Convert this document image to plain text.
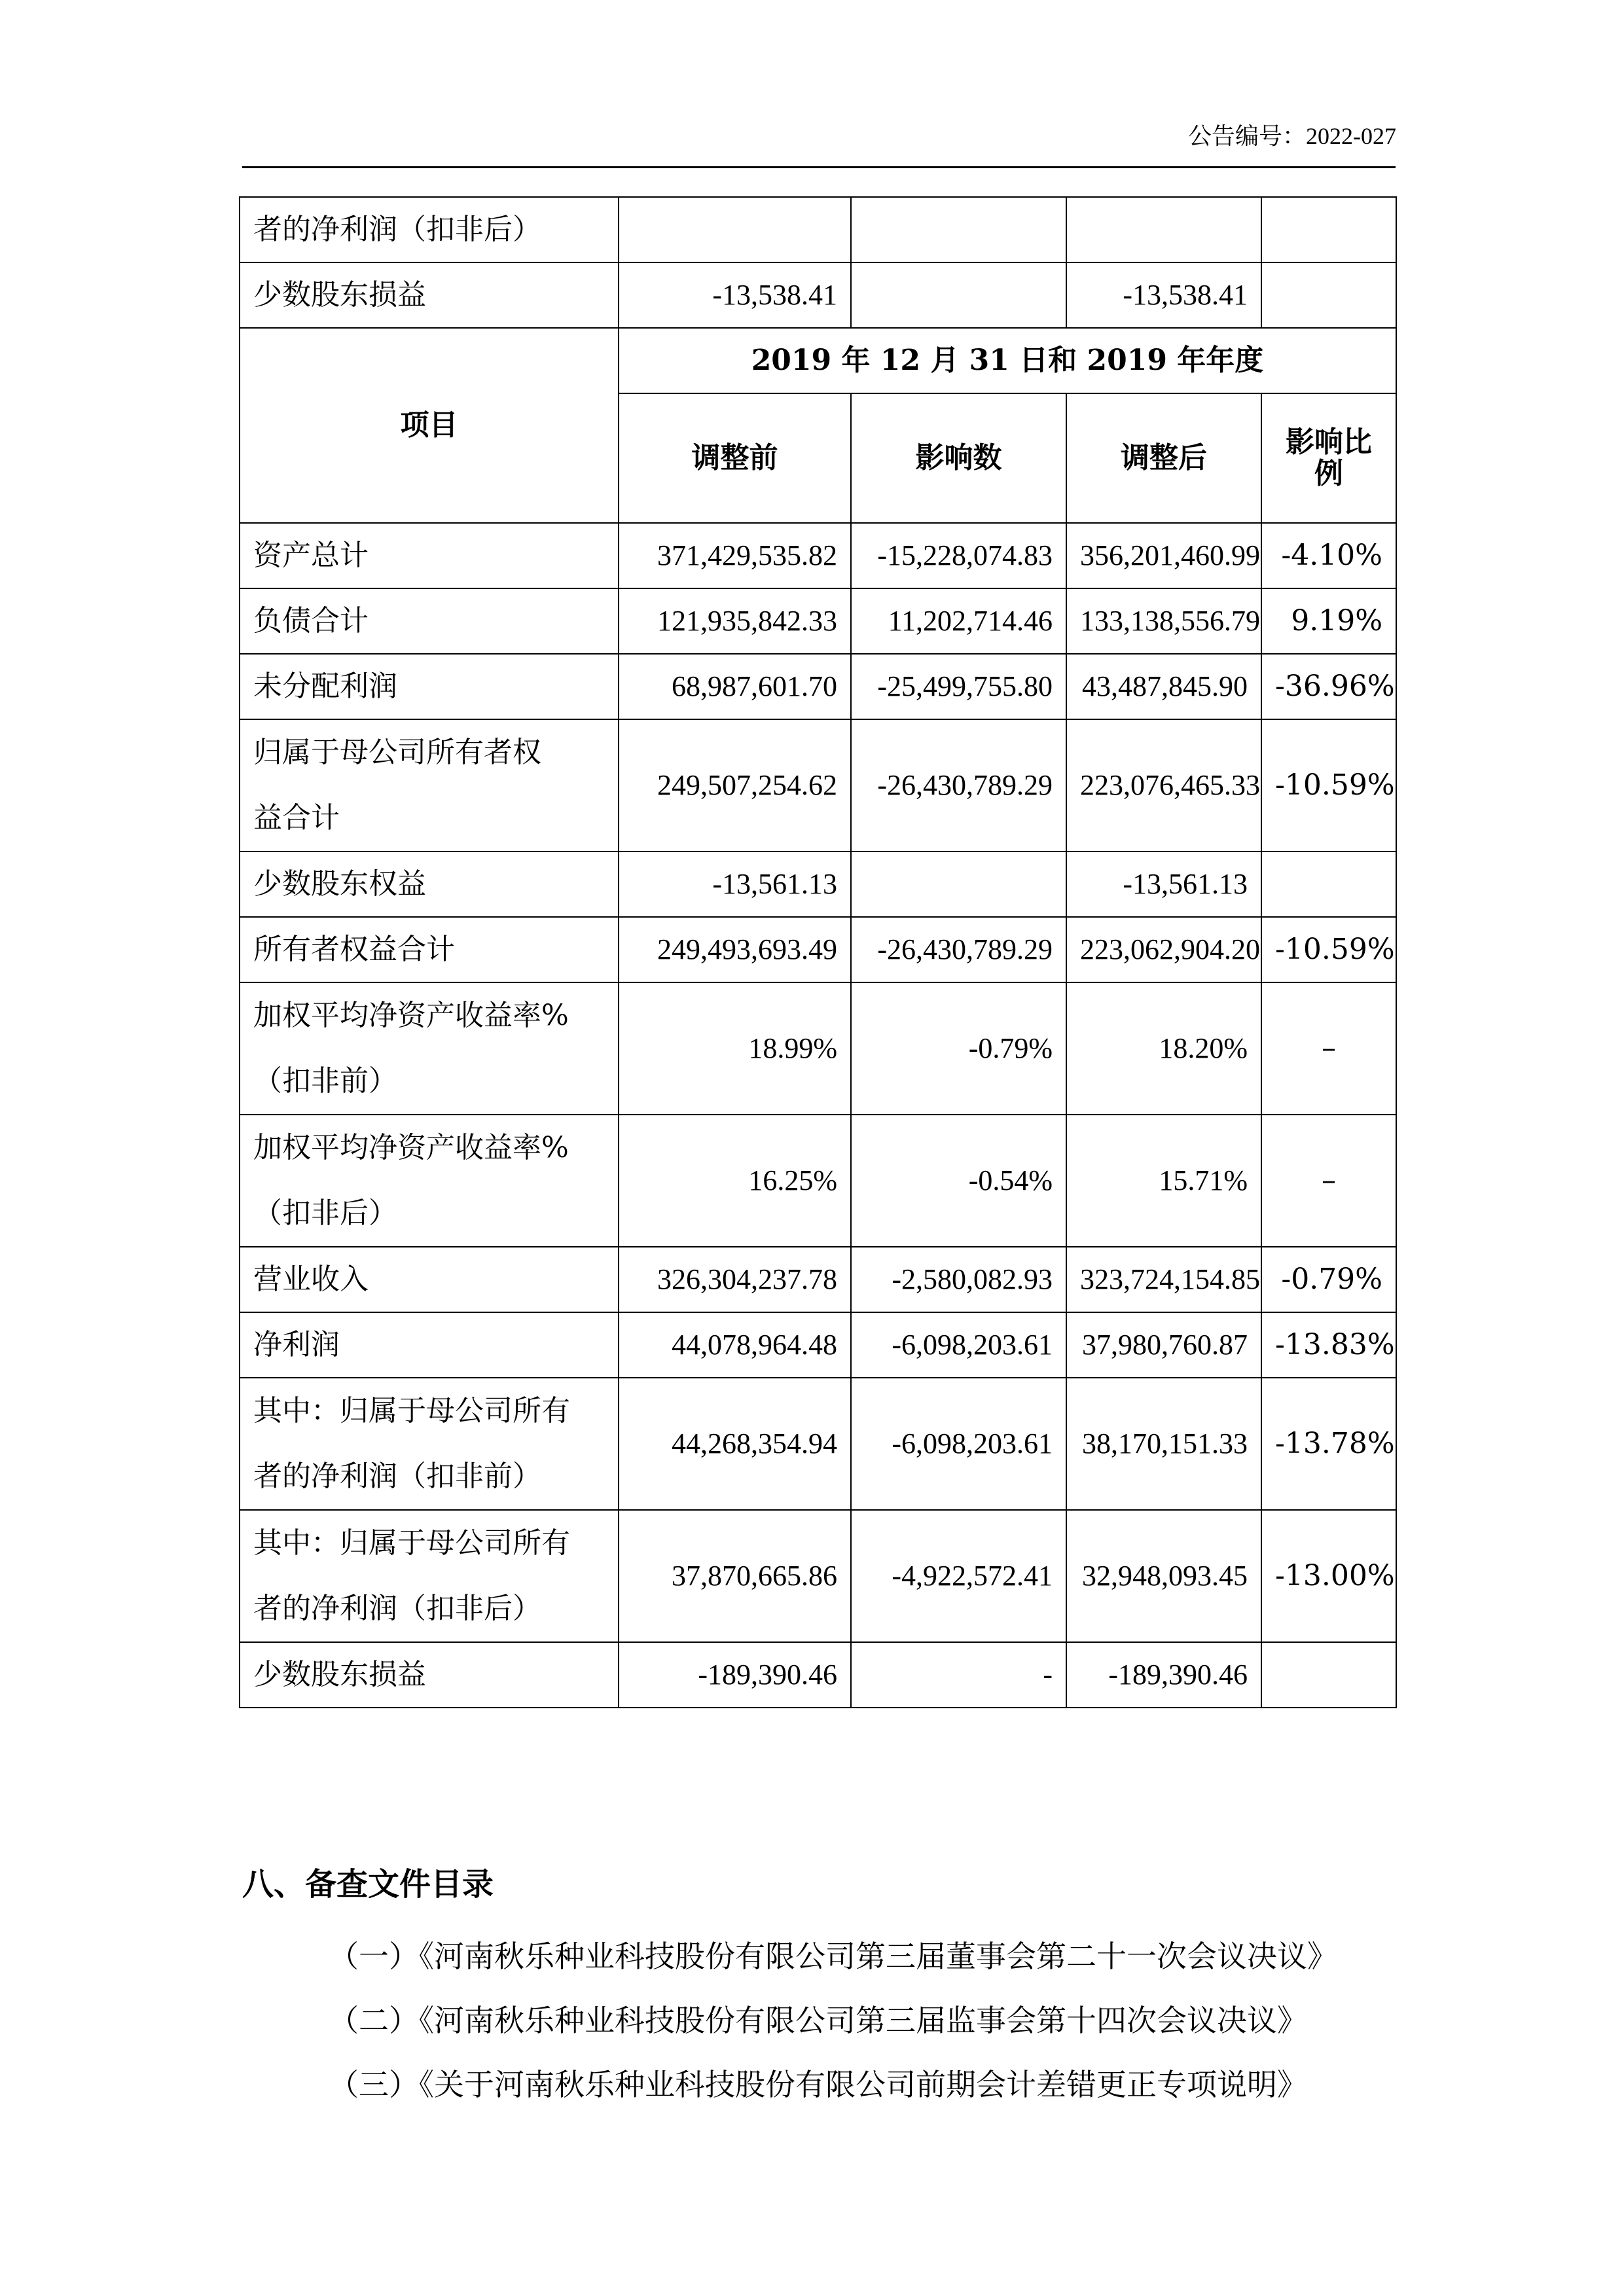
公告编号：2022-027
者的净利润（扣非后）				
少数股东损益	-13,538.41		-13,538.41	
项目	2019 年 12 月 31 日和 2019 年年度			
	调整前	影响数	调整后	影响比
例
资产总计	371,429,535.82	-15,228,074.83	356,201,460.99	-4.10%
负债合计	121,935,842.33	11,202,714.46	133,138,556.79	9.19%
未分配利润	68,987,601.70	-25,499,755.80	43,487,845.90	-36.96%
归属于母公司所有者权
益合计	249,507,254.62	-26,430,789.29	223,076,465.33	-10.59%
少数股东权益	-13,561.13		-13,561.13	
所有者权益合计	249,493,693.49	-26,430,789.29	223,062,904.20	-10.59%
加权平均净资产收益率%
（扣非前）	18.99%	-0.79%	18.20%	–
加权平均净资产收益率%
（扣非后）	16.25%	-0.54%	15.71%	–
营业收入	326,304,237.78	-2,580,082.93	323,724,154.85	-0.79%
净利润	44,078,964.48	-6,098,203.61	37,980,760.87	-13.83%
其中：归属于母公司所有
者的净利润（扣非前）	44,268,354.94	-6,098,203.61	38,170,151.33	-13.78%
其中：归属于母公司所有
者的净利润（扣非后）	37,870,665.86	-4,922,572.41	32,948,093.45	-13.00%
少数股东损益	-189,390.46	-	-189,390.46	
八、备查文件目录
（一）《河南秋乐种业科技股份有限公司第三届董事会第二十一次会议决议》
（二）《河南秋乐种业科技股份有限公司第三届监事会第十四次会议决议》
（三）《关于河南秋乐种业科技股份有限公司前期会计差错更正专项说明》
